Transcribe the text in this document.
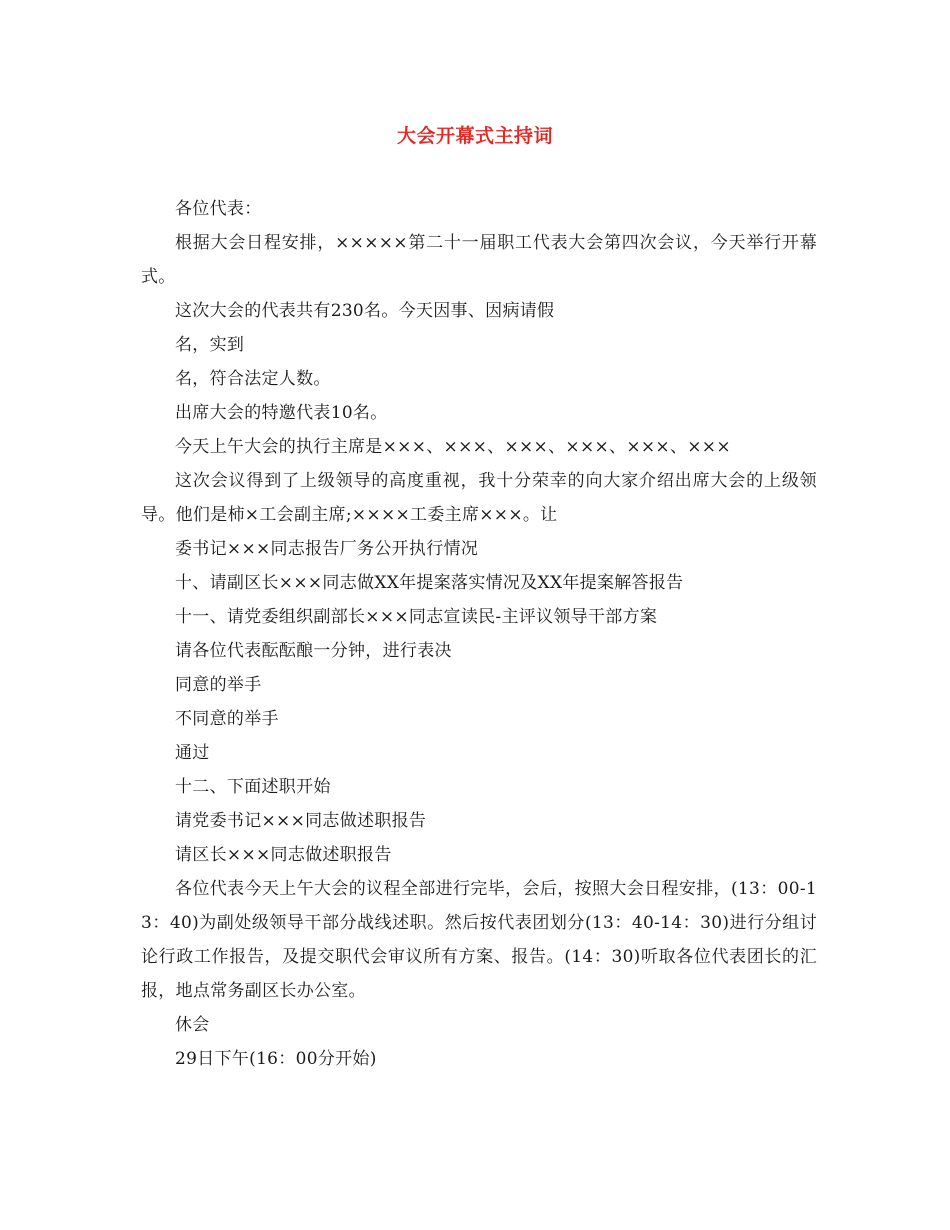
大会开幕式主持词

各位代表：

根据大会日程安排，×××××第二十一届职工代表大会第四次会议，今天举行开幕式。

这次大会的代表共有230名。今天因事、因病请假

名，实到

名，符合法定人数。

出席大会的特邀代表10名。

今天上午大会的执行主席是×××、×××、×××、×××、×××、×××

这次会议得到了上级领导的高度重视，我十分荣幸的向大家介绍出席大会的上级领导。他们是柿×工会副主席;××××工委主席×××。让

委书记×××同志报告厂务公开执行情况

十、请副区长×××同志做XX年提案落实情况及XX年提案解答报告

十一、请党委组织副部长×××同志宣读民-主评议领导干部方案

请各位代表酝酝酿一分钟，进行表决

同意的举手

不同意的举手

通过

十二、下面述职开始

请党委书记×××同志做述职报告

请区长×××同志做述职报告

各位代表今天上午大会的议程全部进行完毕，会后，按照大会日程安排，(13：00-13：40)为副处级领导干部分战线述职。然后按代表团划分(13：40-14：30)进行分组讨论行政工作报告，及提交职代会审议所有方案、报告。(14：30)听取各位代表团长的汇报，地点常务副区长办公室。

休会

29日下午(16：00分开始)
